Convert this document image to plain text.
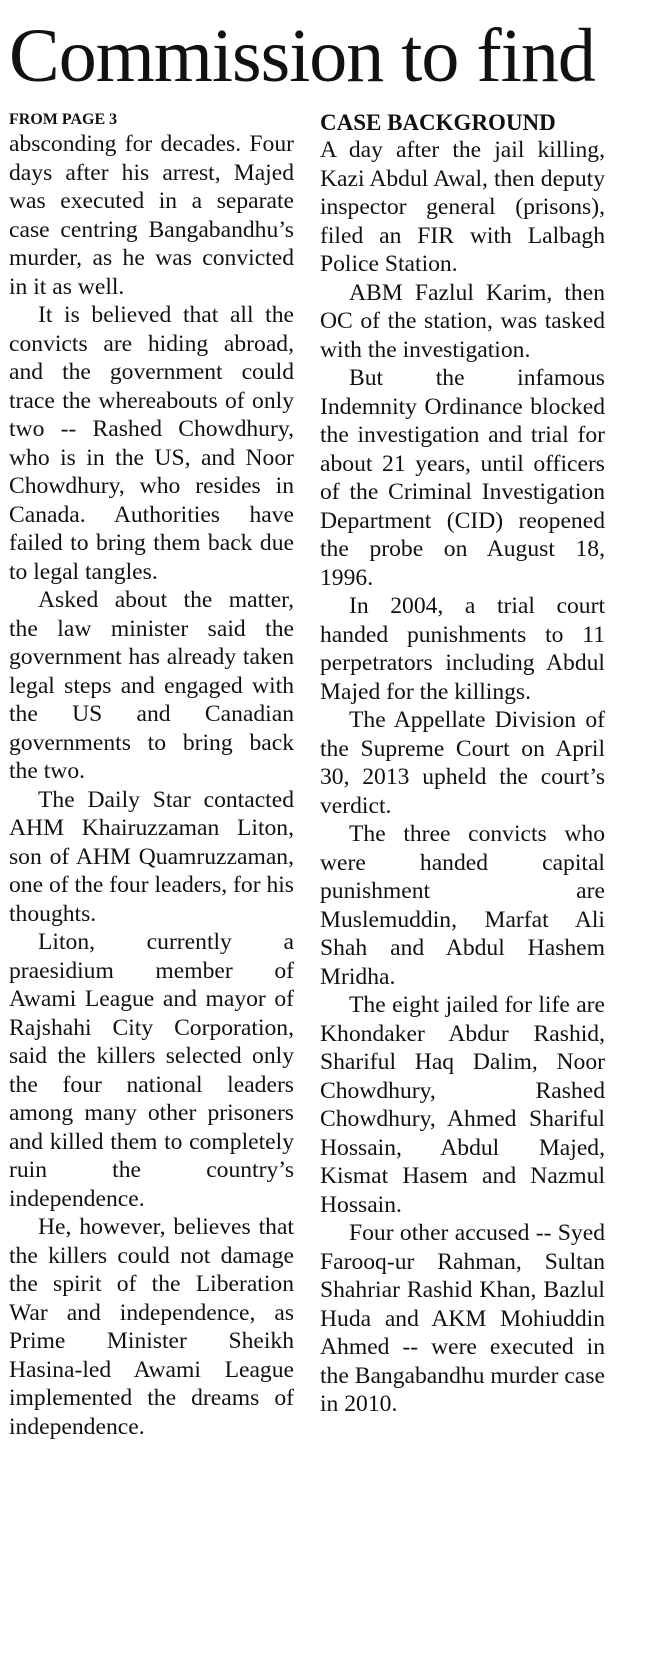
Commission to find
FROM PAGE 3

absconding for decades. Four days after his arrest, Majed was executed in a separate case centring Bangabandhu’s murder, as he was convicted in it as well.

It is believed that all the convicts are hiding abroad, and the government could trace the whereabouts of only two -- Rashed Chowdhury, who is in the US, and Noor Chowdhury, who resides in Canada. Authorities have failed to bring them back due to legal tangles.

Asked about the matter, the law minister said the government has already taken legal steps and engaged with the US and Canadian governments to bring back the two.

The Daily Star contacted AHM Khairuzzaman Liton, son of AHM Quamruzzaman, one of the four leaders, for his thoughts.

Liton, currently a praesidium member of Awami League and mayor of Rajshahi City Corporation, said the killers selected only the four national leaders among many other prisoners and killed them to completely ruin the country’s independence.

He, however, believes that the killers could not damage the spirit of the Liberation War and independence, as Prime Minister Sheikh Hasina-led Awami League implemented the dreams of independence.

CASE BACKGROUND

A day after the jail killing, Kazi Abdul Awal, then deputy inspector general (prisons), filed an FIR with Lalbagh Police Station.

ABM Fazlul Karim, then OC of the station, was tasked with the investigation.

But the infamous Indemnity Ordinance blocked the investigation and trial for about 21 years, until officers of the Criminal Investigation Department (CID) reopened the probe on August 18, 1996.

In 2004, a trial court handed punishments to 11 perpetrators including Abdul Majed for the killings.

The Appellate Division of the Supreme Court on April 30, 2013 upheld the court’s verdict.

The three convicts who were handed capital punishment are Muslemuddin, Marfat Ali Shah and Abdul Hashem Mridha.

The eight jailed for life are Khondaker Abdur Rashid, Shariful Haq Dalim, Noor Chowdhury, Rashed Chowdhury, Ahmed Shariful Hossain, Abdul Majed, Kismat Hasem and Nazmul Hossain.

Four other accused -- Syed Farooq-ur Rahman, Sultan Shahriar Rashid Khan, Bazlul Huda and AKM Mohiuddin Ahmed -- were executed in the Bangabandhu murder case in 2010.
